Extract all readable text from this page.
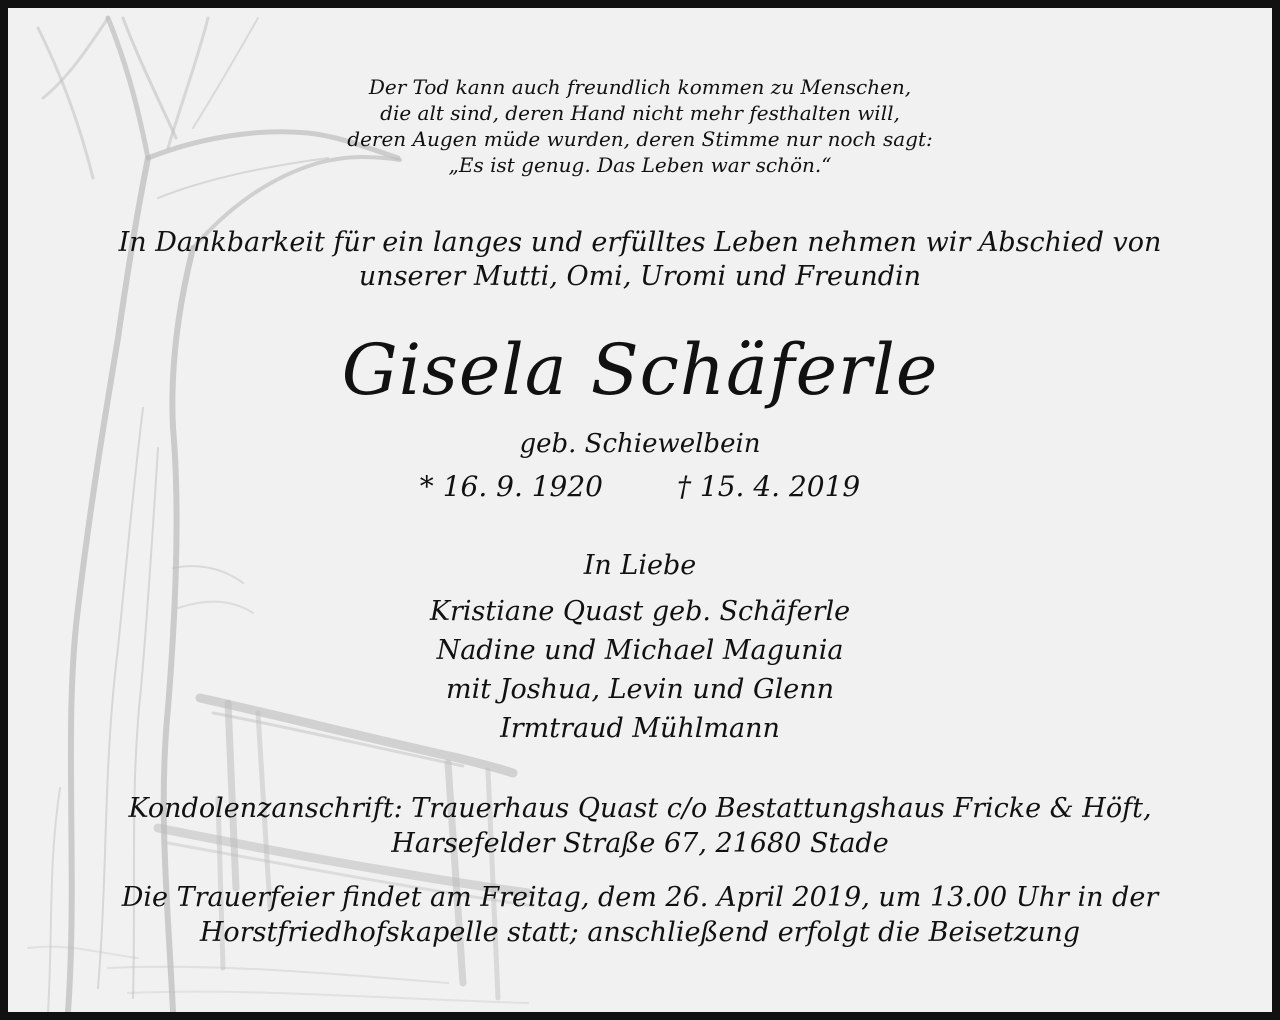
Der Tod kann auch freundlich kommen zu Menschen,

die alt sind, deren Hand nicht mehr festhalten will,

deren Augen müde wurden, deren Stimme nur noch sagt:

„Es ist genug. Das Leben war schön.“

In Dankbarkeit für ein langes und erfülltes Leben nehmen wir Abschied von

unserer Mutti, Omi, Uromi und Freundin

Gisela Schäferle

geb. Schiewelbein

* 16. 9. 1920	† 15. 4. 2019

In Liebe

Kristiane Quast geb. Schäferle

Nadine und Michael Magunia

mit Joshua, Levin und Glenn

Irmtraud Mühlmann

Kondolenzanschrift: Trauerhaus Quast c/o Bestattungshaus Fricke & Höft,

Harsefelder Straße 67, 21680 Stade

Die Trauerfeier findet am Freitag, dem 26. April 2019, um 13.00 Uhr in der

Horstfriedhofskapelle statt; anschließend erfolgt die Beisetzung
